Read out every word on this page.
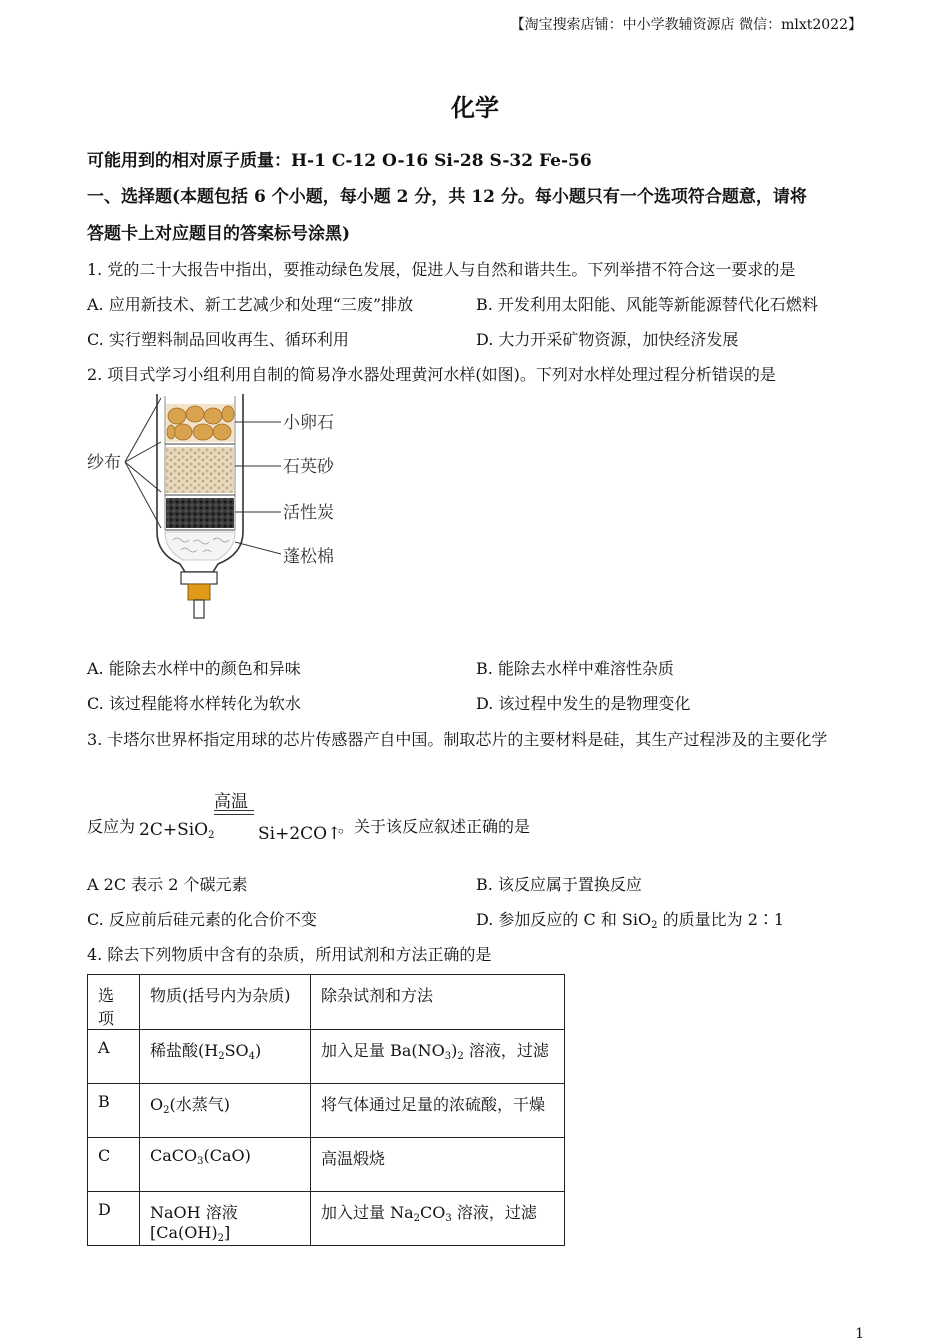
【淘宝搜索店铺：中小学教辅资源店 微信：mlxt2022】
化学
可能用到的相对原子质量：H-1 C-12 O-16 Si-28 S-32 Fe-56
一、选择题(本题包括 6 个小题，每小题 2 分，共 12 分。每小题只有一个选项符合题意，请将
答题卡上对应题目的答案标号涂黑)
1. 党的二十大报告中指出，要推动绿色发展，促进人与自然和谐共生。下列举措不符合这一要求的是
A. 应用新技术、新工艺减少和处理“三废”排放	B. 开发利用太阳能、风能等新能源替代化石燃料
C. 实行塑料制品回收再生、循环利用	D. 大力开采矿物资源，加快经济发展
2. 项目式学习小组利用自制的简易净水器处理黄河水样(如图)。下列对水样处理过程分析错误的是
纱布
小卵石
石英砂
活性炭
蓬松棉
A. 能除去水样中的颜色和异味	B. 能除去水样中难溶性杂质
C. 该过程能将水样转化为软水	D. 该过程中发生的是物理变化
3. 卡塔尔世界杯指定用球的芯片传感器产自中国。制取芯片的主要材料是硅，其生产过程涉及的主要化学
反应为 2C+SiO$_2$
高温
Si+2CO↑
。关于该反应叙述正确的是
A 2C 表示 2 个碳元素	B. 该反应属于置换反应
C. 反应前后硅元素的化合价不变	D. 参加反应的 C 和 SiO$_2$ 的质量比为 2∶1
4. 除去下列物质中含有的杂质，所用试剂和方法正确的是
选项	物质(括号内为杂质)	除杂试剂和方法
A	稀盐酸$(H_2SO_4)$	加入足量 $Ba(NO_3)_2$ 溶液，过滤
B	$O_2$(水蒸气)	将气体通过足量的浓硫酸，干燥
C	CaCO$_3$(CaO)	高温煅烧
D	NaOH 溶液$[Ca(OH)_2]$	加入过量 $Na_2CO_3$ 溶液，过滤
1
